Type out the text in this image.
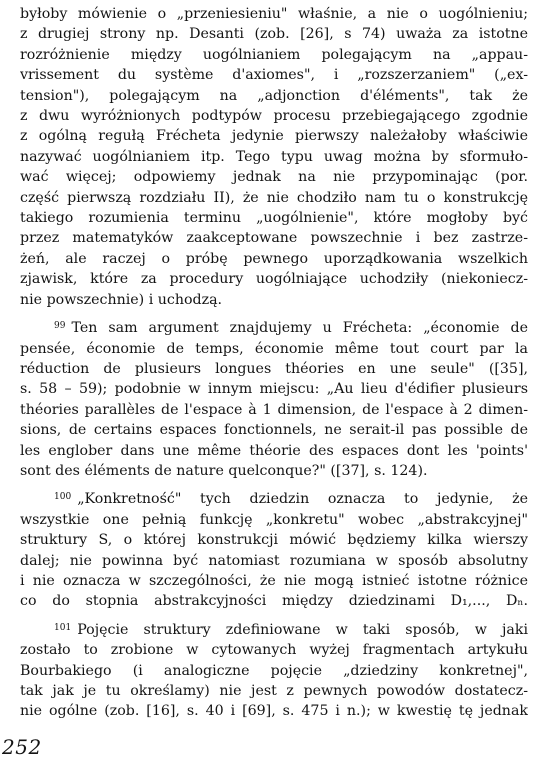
byłoby mówienie o „przeniesieniu" właśnie, a nie o uogólnieniu;
z drugiej strony np. Desanti (zob. [26], s 74) uważa za istotne
rozróżnienie między uogólnianiem polegającym na „appau-
vrissement du système d'axiomes", i „rozszerzaniem" („ex-
tension"), polegającym na „adjonction d'éléments", tak że
z dwu wyróżnionych podtypów procesu przebiegającego zgodnie
z ogólną regułą Frécheta jedynie pierwszy należałoby właściwie
nazywać uogólnianiem itp. Tego typu uwag można by sformuło-
wać więcej; odpowiemy jednak na nie przypominając (por.
część pierwszą rozdziału II), że nie chodziło nam tu o konstrukcję
takiego rozumienia terminu „uogólnienie", które mogłoby być
przez matematyków zaakceptowane powszechnie i bez zastrze-
żeń, ale raczej o próbę pewnego uporządkowania wszelkich
zjawisk, które za procedury uogólniające uchodziły (niekoniecz-
nie powszechnie) i uchodzą.
$^{99}$ Ten sam argument znajdujemy u Frécheta: „économie de
pensée, économie de temps, économie même tout court par la
réduction de plusieurs longues théories en une seule" ([35],
s. 58 – 59); podobnie w innym miejscu: „Au lieu d'édifier plusieurs
théories parallèles de l'espace à 1 dimension, de l'espace à 2 dimen-
sions, de certains espaces fonctionnels, ne serait-il pas possible de
les englober dans une même théorie des espaces dont les 'points'
sont des éléments de nature quelconque?" ([37], s. 124).
$^{100}$ „Konkretność" tych dziedzin oznacza to jedynie, że
wszystkie one pełnią funkcję „konkretu" wobec „abstrakcyjnej"
struktury S, o której konstrukcji mówić będziemy kilka wierszy
dalej; nie powinna być natomiast rozumiana w sposób absolutny
i nie oznacza w szczególności, że nie mogą istnieć istotne różnice
co do stopnia abstrakcyjności między dziedzinami D₁,..., Dₙ.
$^{101}$ Pojęcie struktury zdefiniowane w taki sposób, w jaki
zostało to zrobione w cytowanych wyżej fragmentach artykułu
Bourbakiego (i analogiczne pojęcie „dziedziny konkretnej",
tak jak je tu określamy) nie jest z pewnych powodów dostatecz-
nie ogólne (zob. [16], s. 40 i [69], s. 475 i n.); w kwestię tę jednak
252
